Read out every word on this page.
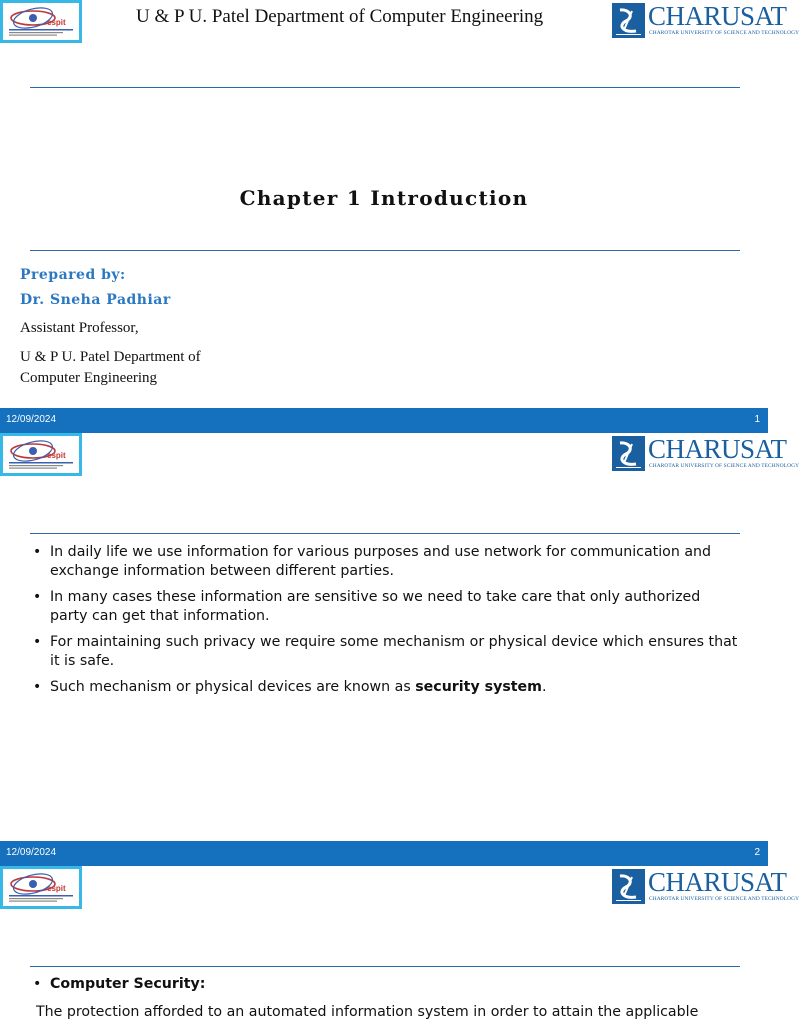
cspit	U & P U. Patel Department of Computer Engineering	CHARUSAT
CHAROTAR UNIVERSITY OF SCIENCE AND TECHNOLOGY
Chapter 1 Introduction
Prepared by:
Dr. Sneha Padhiar
Assistant Professor,
U & P U. Patel Department of
Computer Engineering
12/09/2024	1
cspit	CHARUSAT
CHAROTAR UNIVERSITY OF SCIENCE AND TECHNOLOGY
• In daily life we use information for various purposes and use network for communication and exchange information between different parties.
• In many cases these information are sensitive so we need to take care that only authorized party can get that information.
• For maintaining such privacy we require some mechanism or physical device which ensures that it is safe.
• Such mechanism or physical devices are known as security system.
12/09/2024	2
cspit	CHARUSAT
CHAROTAR UNIVERSITY OF SCIENCE AND TECHNOLOGY
• Computer Security:
The protection afforded to an automated information system in order to attain the applicable
